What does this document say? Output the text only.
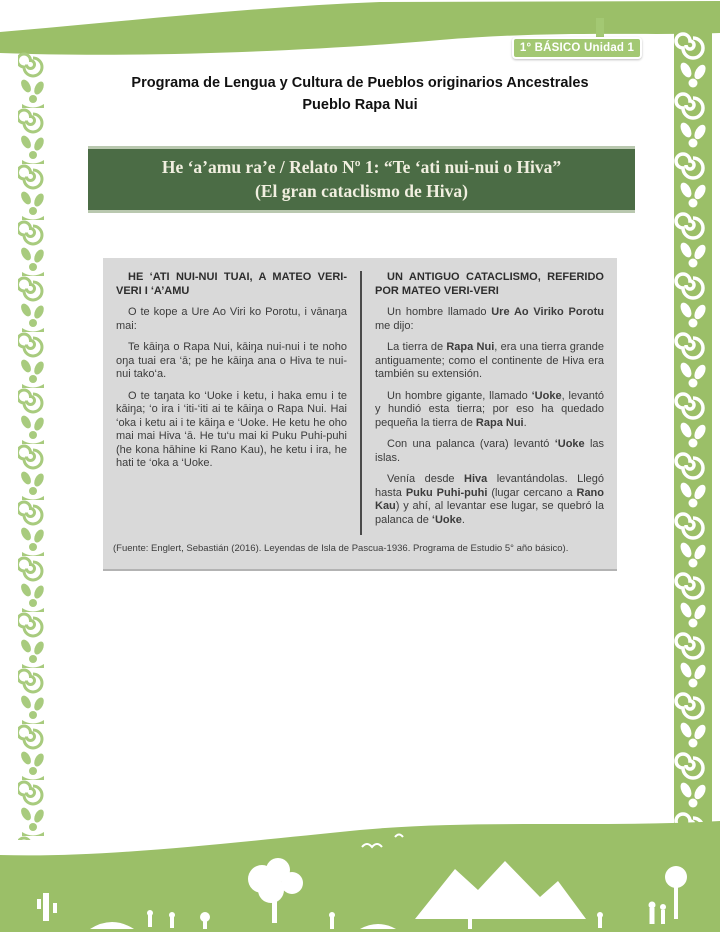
1° BÁSICO Unidad 1
Programa de Lengua y Cultura de Pueblos originarios Ancestrales
Pueblo Rapa Nui
He ‘a’amu ra’e / Relato Nº 1: “Te ‘ati nui-nui o Hiva”
(El gran cataclismo de Hiva)

HE ‘ATI NUI-NUI TUAI, A MATEO VERI-VERI I ‘A’AMU

O te kope a Ure Ao Viri ko Porotu, i vānaŋa mai:

Te kāiŋa o Rapa Nui, kāiŋa nui-nui i te noho oŋa tuai era ‘ā; pe he kāiŋa ana o Hiva te nui- nui tako‘a.

O te taŋata ko ‘Uoke i ketu, i haka emu i te kāiŋa; ‘o ira i ‘iti-‘iti ai te kāiŋa o Rapa Nui. Hai ‘oka i ketu ai i te kāiŋa e ‘Uoke. He ketu he oho mai mai Hiva ‘ā. He tu‘u mai ki Puku Puhi-puhi (he kona hāhine ki Rano Kau), he ketu i ira, he hati te ‘oka a ‘Uoke.

UN ANTIGUO CATACLISMO, REFERIDO POR MATEO VERI-VERI

Un hombre llamado Ure Ao Viriko Porotu me dijo:

La tierra de Rapa Nui, era una tierra grande antiguamente; como el continente de Hiva era también su extensión.

Un hombre gigante, llamado ‘Uoke, levantó y hundió esta tierra; por eso ha quedado pequeña la tierra de Rapa Nui.

Con una palanca (vara) levantó ‘Uoke las islas.

Venía desde Hiva levantándolas. Llegó hasta Puku Puhi-puhi (lugar cercano a Rano Kau) y ahí, al levantar ese lugar, se quebró la palanca de ‘Uoke.

(Fuente: Englert, Sebastián (2016). Leyendas de Isla de Pascua-1936. Programa de Estudio 5° año básico).
